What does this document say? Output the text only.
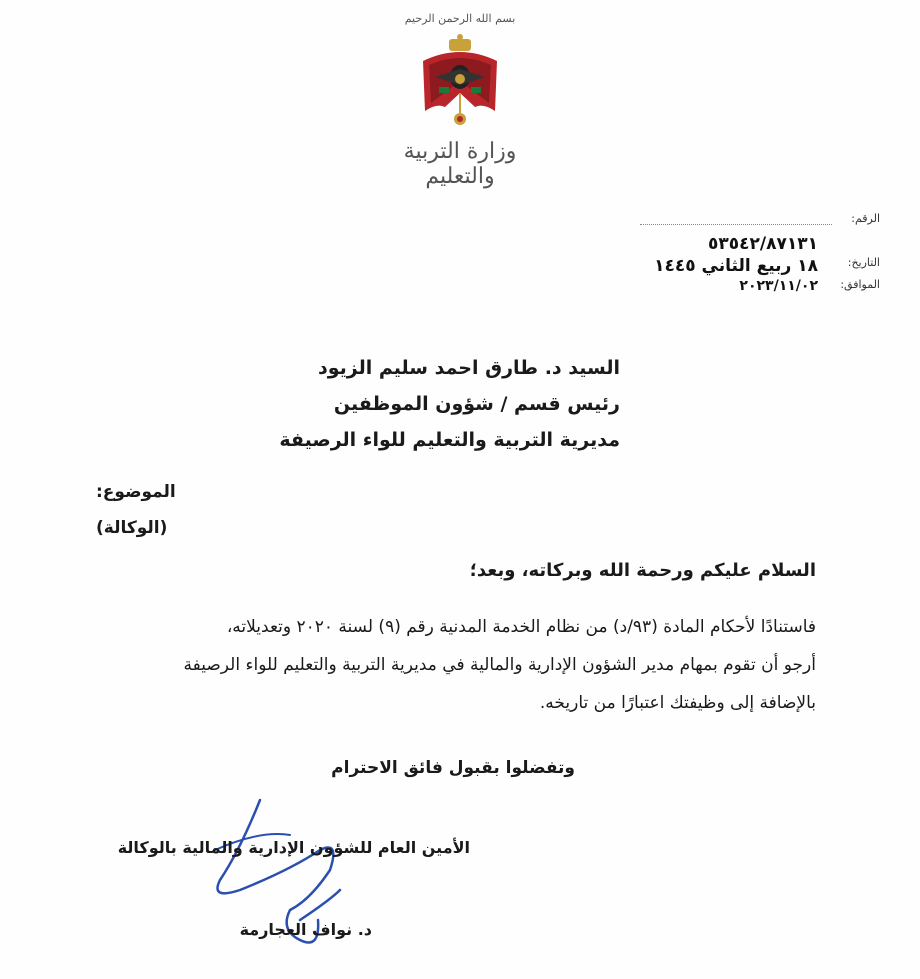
بسم الله الرحمن الرحيم
وزارة التربية والتعليم
الرقم:
٥٣٥٤٢/٨٧١٣١
التاريخ:
١٨ ربيع الثاني ١٤٤٥
الموافق:
٢٠٢٣/١١/٠٢
السيد د. طارق احمد سليم الزيود
رئيس قسم / شؤون الموظفين
مديرية التربية والتعليم للواء الرصيفة
الموضوع:
(الوكالة)
السلام عليكم ورحمة الله وبركاته، وبعد؛
فاستنادًا لأحكام المادة (٩٣/د) من نظام الخدمة المدنية رقم (٩) لسنة ٢٠٢٠ وتعديلاته،
أرجو أن تقوم بمهام مدير الشؤون الإدارية والمالية في مديرية التربية والتعليم للواء الرصيفة
بالإضافة إلى وظيفتك اعتبارًا من تاريخه.
وتفضلوا بقبول فائق الاحترام
الأمين العام للشؤون الإدارية والمالية بالوكالة
د. نواف العجارمة
